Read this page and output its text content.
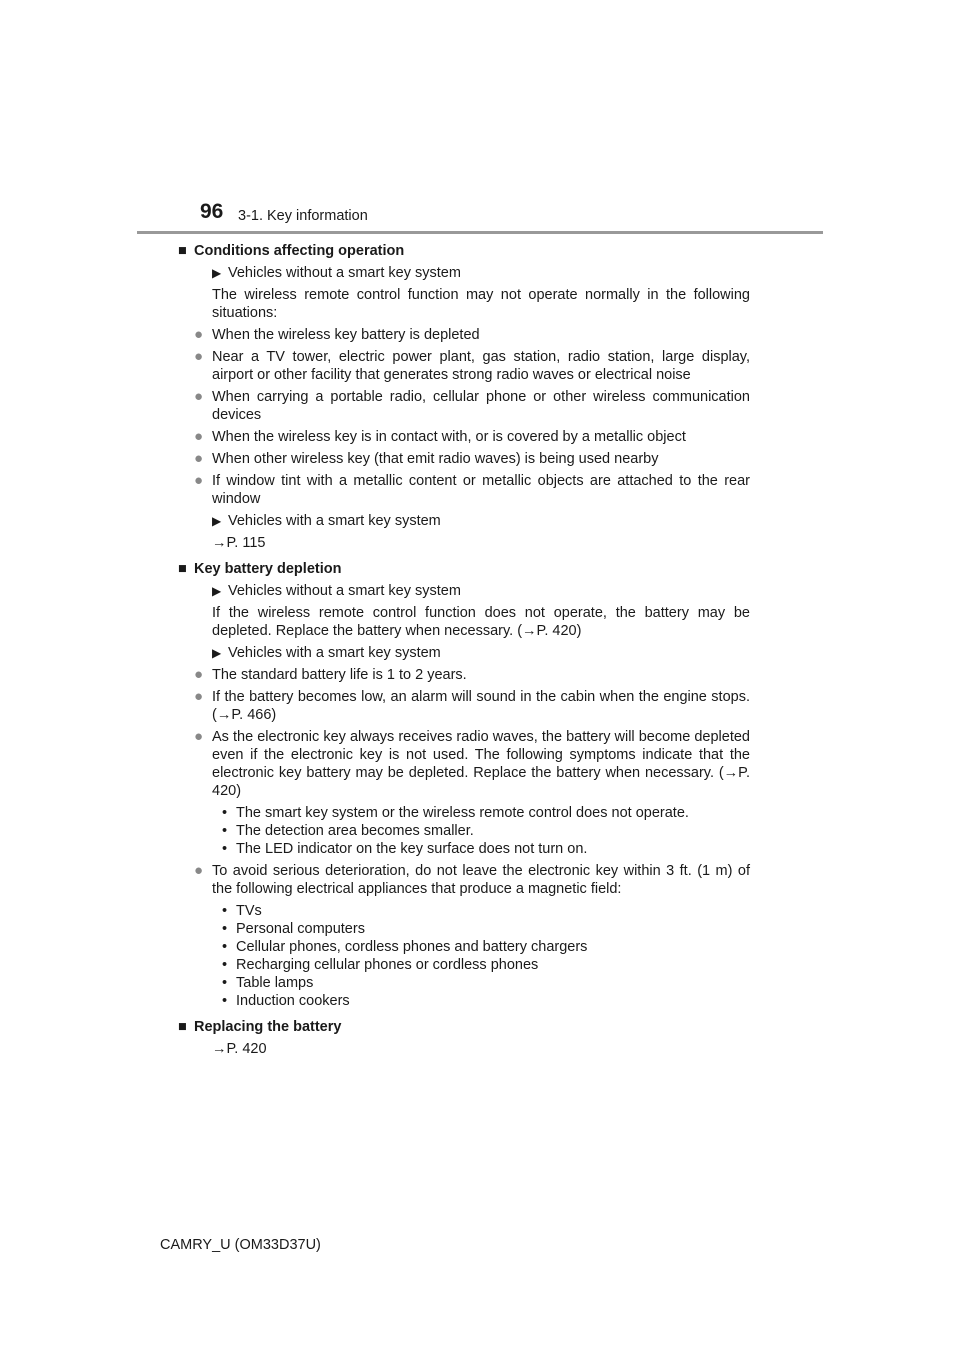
96 3-1. Key information
■ Conditions affecting operation
▶ Vehicles without a smart key system

The wireless remote control function may not operate normally in the following situations:

● When the wireless key battery is depleted
● Near a TV tower, electric power plant, gas station, radio station, large display, airport or other facility that generates strong radio waves or electrical noise
● When carrying a portable radio, cellular phone or other wireless communication devices
● When the wireless key is in contact with, or is covered by a metallic object
● When other wireless key (that emit radio waves) is being used nearby
● If window tint with a metallic content or metallic objects are attached to the rear window
▶ Vehicles with a smart key system

→P. 115

■ Key battery depletion
▶ Vehicles without a smart key system

If the wireless remote control function does not operate, the battery may be depleted. Replace the battery when necessary. (→P. 420)

▶ Vehicles with a smart key system
● The standard battery life is 1 to 2 years.
● If the battery becomes low, an alarm will sound in the cabin when the engine stops. (→P. 466)
● As the electronic key always receives radio waves, the battery will become depleted even if the electronic key is not used. The following symptoms indicate that the electronic key battery may be depleted. Replace the battery when necessary. (→P. 420)
• The smart key system or the wireless remote control does not operate.
• The detection area becomes smaller.
• The LED indicator on the key surface does not turn on.
● To avoid serious deterioration, do not leave the electronic key within 3 ft. (1 m) of the following electrical appliances that produce a magnetic field:
• TVs
• Personal computers
• Cellular phones, cordless phones and battery chargers
• Recharging cellular phones or cordless phones
• Table lamps
• Induction cookers
■ Replacing the battery

→P. 420

CAMRY_U (OM33D37U)
